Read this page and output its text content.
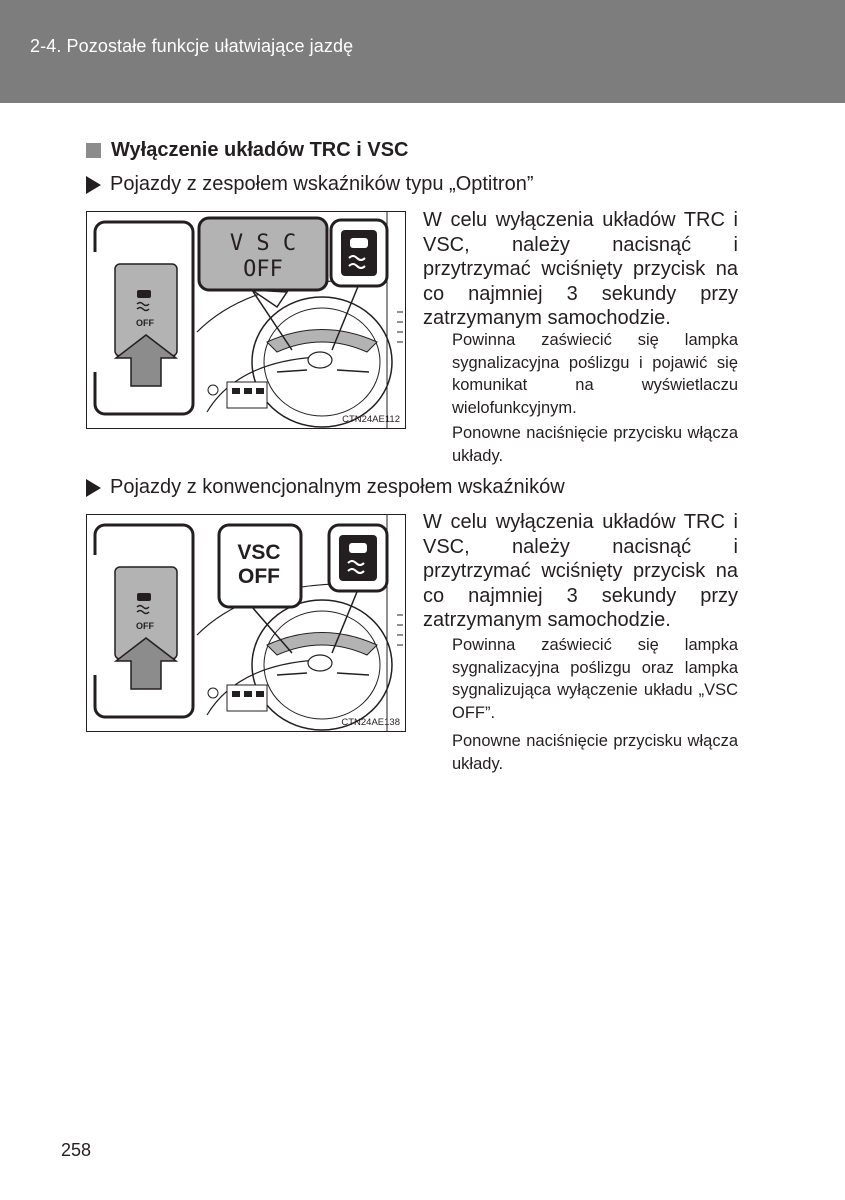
2-4. Pozostałe funkcje ułatwiające jazdę
Wyłączenie układów TRC i VSC
Pojazdy z zespołem wskaźników typu „Optitron”
OFF
V S C
OFF
CTN24AE112

W celu wyłączenia układów TRC i VSC, należy nacisnąć i przytrzymać wciśnięty przycisk na co najmniej 3 sekundy przy zatrzymanym samochodzie.

Powinna zaświecić się lampka sygnalizacyjna poślizgu i pojawić się komunikat na wyświetlaczu wielofunkcyjnym.

Ponowne naciśnięcie przycisku włącza układy.

Pojazdy z konwencjonalnym zespołem wskaźników
OFF
VSC
OFF
CTN24AE138

W celu wyłączenia układów TRC i VSC, należy nacisnąć i przytrzymać wciśnięty przycisk na co najmniej 3 sekundy przy zatrzymanym samochodzie.

Powinna zaświecić się lampka sygnalizacyjna poślizgu oraz lampka sygnalizująca wyłączenie układu „VSC OFF”.

Ponowne naciśnięcie przycisku włącza układy.

258
